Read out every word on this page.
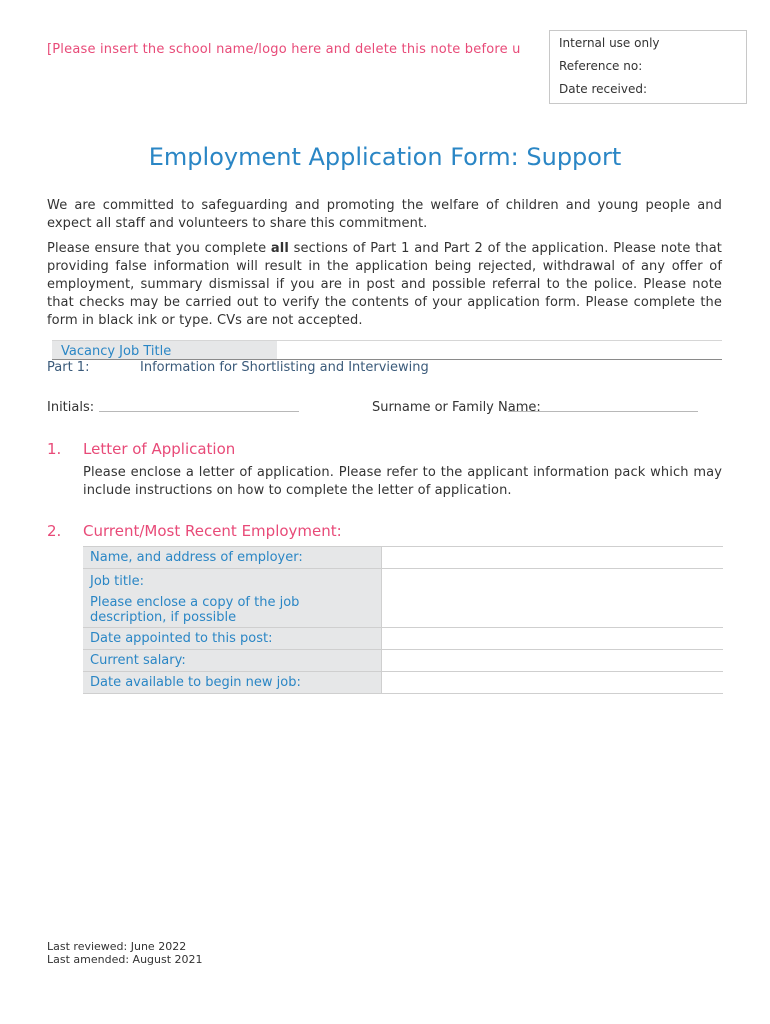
[Please insert the school name/logo here and delete this note before u	Internal use only
Reference no:
Date received:
Employment Application Form: Support
We are committed to safeguarding and promoting the welfare of children and young people and expect all staff and volunteers to share this commitment.
Please ensure that you complete all sections of Part 1 and Part 2 of the application. Please note that providing false information will result in the application being rejected, withdrawal of any offer of employment, summary dismissal if you are in post and possible referral to the police. Please note that checks may be carried out to verify the contents of your application form. Please complete the form in black ink or type. CVs are not accepted.
Vacancy Job Title
Part 1:	Information for Shortlisting and Interviewing
Initials:	Surname or Family Name:
1. Letter of Application
Please enclose a letter of application. Please refer to the applicant information pack which may include instructions on how to complete the letter of application.
2. Current/Most Recent Employment:
Name, and address of employer:	

Job title:
Please enclose a copy of the job description, if possible	

Date appointed to this post:	
Current salary:	
Date available to begin new job:	
Last reviewed: June 2022
Last amended: August 2021
